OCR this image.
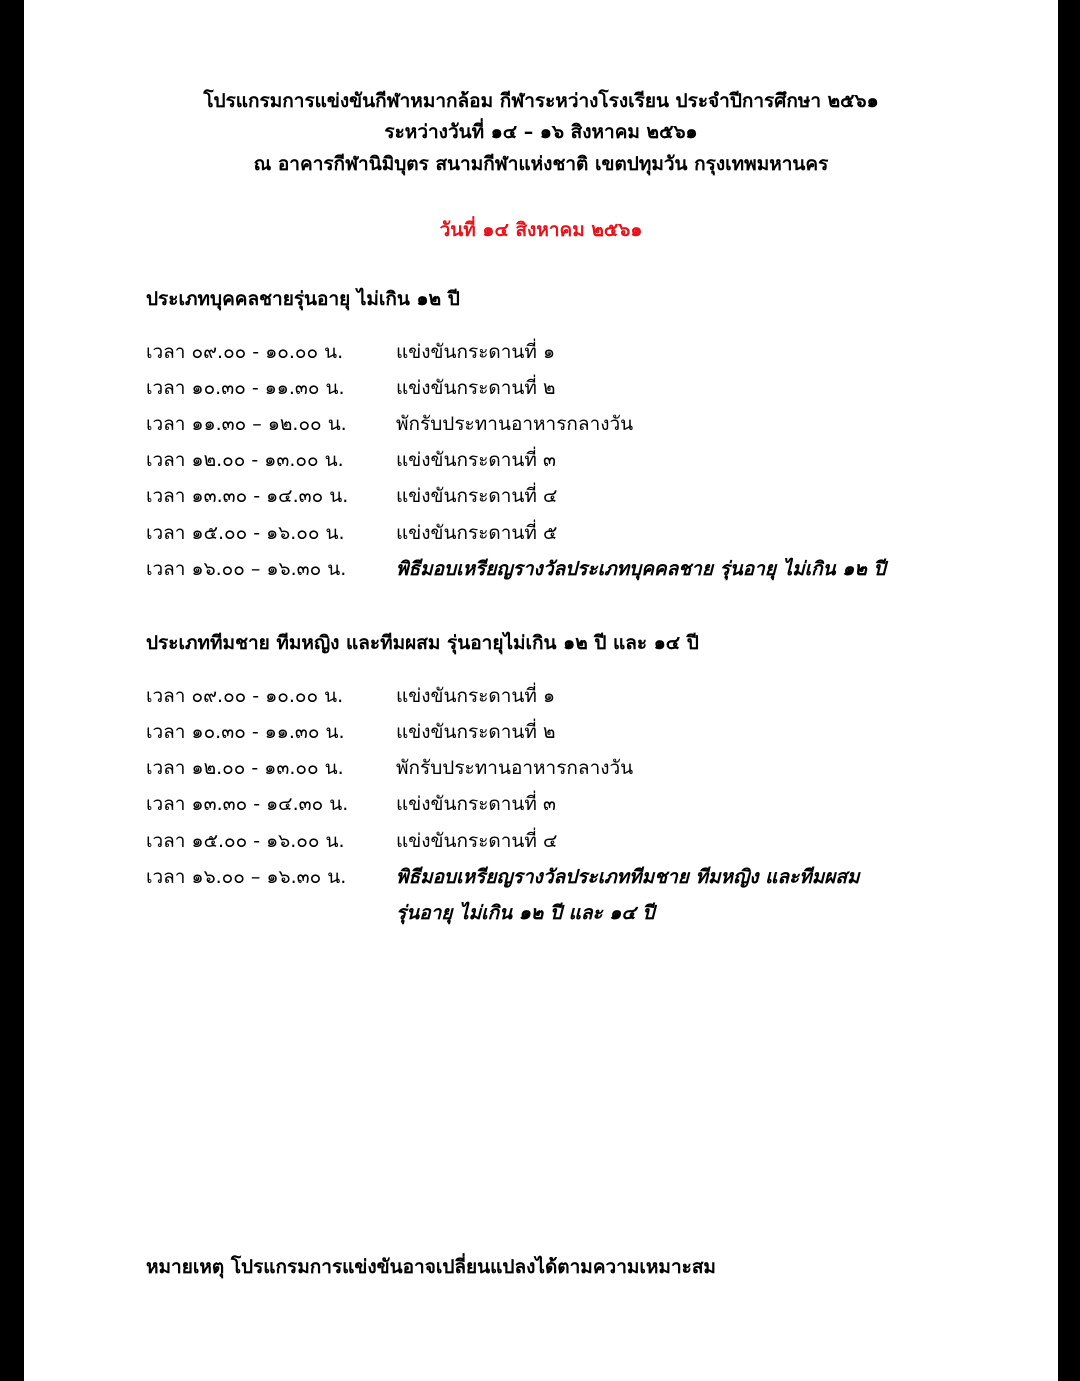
โปรแกรมการแข่งขันกีฬาหมากล้อม กีฬาระหว่างโรงเรียน ประจำปีการศึกษา ๒๕๖๑
ระหว่างวันที่ ๑๔ – ๑๖ สิงหาคม ๒๕๖๑
ณ อาคารกีฬานิมิบุตร สนามกีฬาแห่งชาติ เขตปทุมวัน กรุงเทพมหานคร
วันที่ ๑๔ สิงหาคม ๒๕๖๑
ประเภทบุคคลชายรุ่นอายุ ไม่เกิน ๑๒ ปี
เวลา ๐๙.๐๐ - ๑๐.๐๐ น.	แข่งขันกระดานที่ ๑
เวลา ๑๐.๓๐ - ๑๑.๓๐ น.	แข่งขันกระดานที่ ๒
เวลา ๑๑.๓๐ – ๑๒.๐๐ น.	พักรับประทานอาหารกลางวัน
เวลา ๑๒.๐๐ - ๑๓.๐๐ น.	แข่งขันกระดานที่ ๓
เวลา ๑๓.๓๐ - ๑๔.๓๐ น.	แข่งขันกระดานที่ ๔
เวลา ๑๕.๐๐ - ๑๖.๐๐ น.	แข่งขันกระดานที่ ๕
เวลา ๑๖.๐๐ – ๑๖.๓๐ น.	พิธีมอบเหรียญรางวัลประเภทบุคคลชาย รุ่นอายุ ไม่เกิน ๑๒ ปี
ประเภททีมชาย ทีมหญิง และทีมผสม รุ่นอายุไม่เกิน ๑๒ ปี และ ๑๔ ปี
เวลา ๐๙.๐๐ - ๑๐.๐๐ น.	แข่งขันกระดานที่ ๑
เวลา ๑๐.๓๐ - ๑๑.๓๐ น.	แข่งขันกระดานที่ ๒
เวลา ๑๒.๐๐ - ๑๓.๐๐ น.	พักรับประทานอาหารกลางวัน
เวลา ๑๓.๓๐ - ๑๔.๓๐ น.	แข่งขันกระดานที่ ๓
เวลา ๑๕.๐๐ - ๑๖.๐๐ น.	แข่งขันกระดานที่ ๔
เวลา ๑๖.๐๐ – ๑๖.๓๐ น.	พิธีมอบเหรียญรางวัลประเภททีมชาย ทีมหญิง และทีมผสม
รุ่นอายุ ไม่เกิน ๑๒ ปี และ ๑๔ ปี
หมายเหตุ โปรแกรมการแข่งขันอาจเปลี่ยนแปลงได้ตามความเหมาะสม
